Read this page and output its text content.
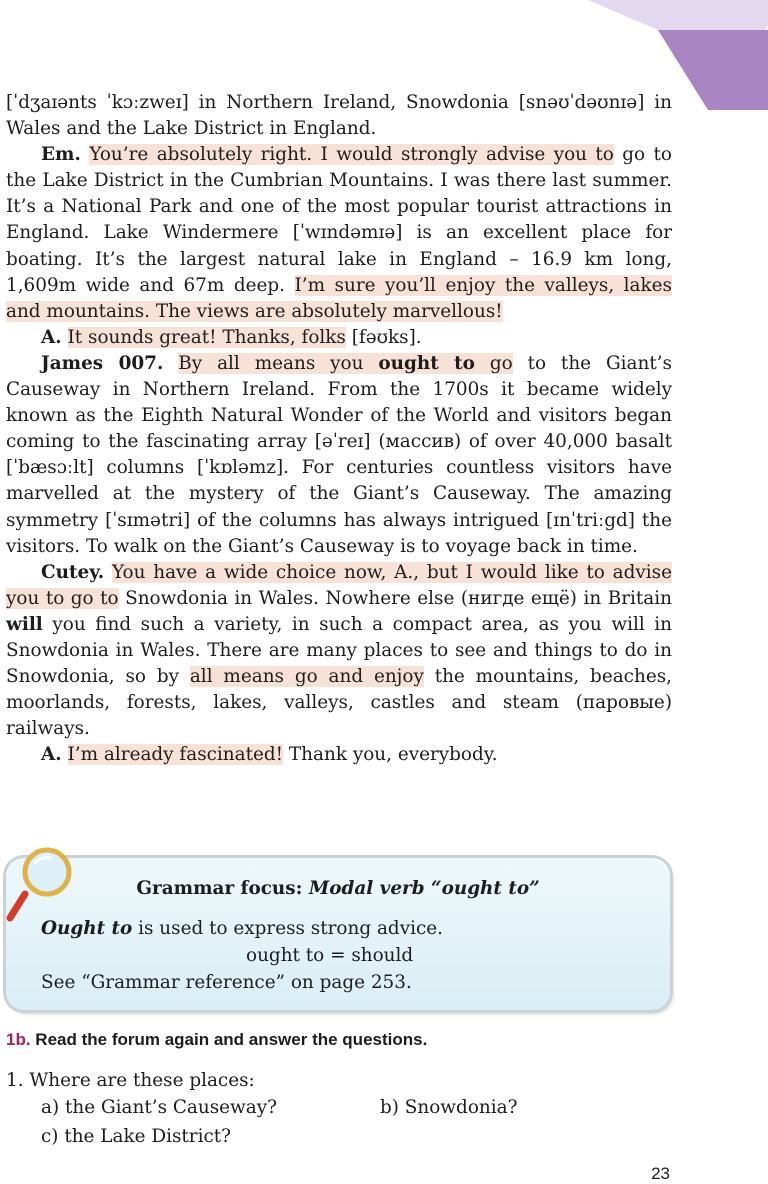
[ˈdʒaɪənts ˈkɔːzweɪ] in Northern Ireland, Snowdonia [snəʊˈdəʊnɪə] in Wales and the Lake District in England.

Em. You’re absolutely right. I would strongly advise you to go to the Lake District in the Cumbrian Mountains. I was there last summer. It’s a National Park and one of the most popular tourist attractions in England. Lake Windermere [ˈwɪndəmɪə] is an excellent place for boating. It’s the largest natural lake in England – 16.9 km long, 1,609m wide and 67m deep. I’m sure you’ll enjoy the valleys, lakes and mountains. The views are absolutely marvellous!

A. It sounds great! Thanks, folks [fəʊks].

James 007. By all means you ought to go to the Giant’s Causeway in Northern Ireland. From the 1700s it became widely known as the Eighth Natural Wonder of the World and visitors began coming to the fascinating array [əˈreɪ] (массив) of over 40,000 basalt [ˈbæsɔːlt] columns [ˈkɒləmz]. For centuries countless visitors have marvelled at the mystery of the Giant’s Causeway. The amazing symmetry [ˈsɪmətri] of the columns has always intrigued [ɪnˈtriːgd] the visitors. To walk on the Giant’s Causeway is to voyage back in time.

Cutey. You have a wide choice now, A., but I would like to advise you to go to Snowdonia in Wales. Nowhere else (нигде ещё) in Britain will you find such a variety, in such a compact area, as you will in Snowdonia in Wales. There are many places to see and things to do in Snowdonia, so by all means go and enjoy the mountains, beaches, moorlands, forests, lakes, valleys, castles and steam (паровые) railways.

A. I’m already fascinated! Thank you, everybody.

Grammar focus: Modal verb “ought to”
Ought to is used to express strong advice.
ought to = should
See “Grammar reference” on page 253.
1b. Read the forum again and answer the questions.
1. Where are these places:
a) the Giant’s Causeway?	b) Snowdonia?
c) the Lake District?
23
